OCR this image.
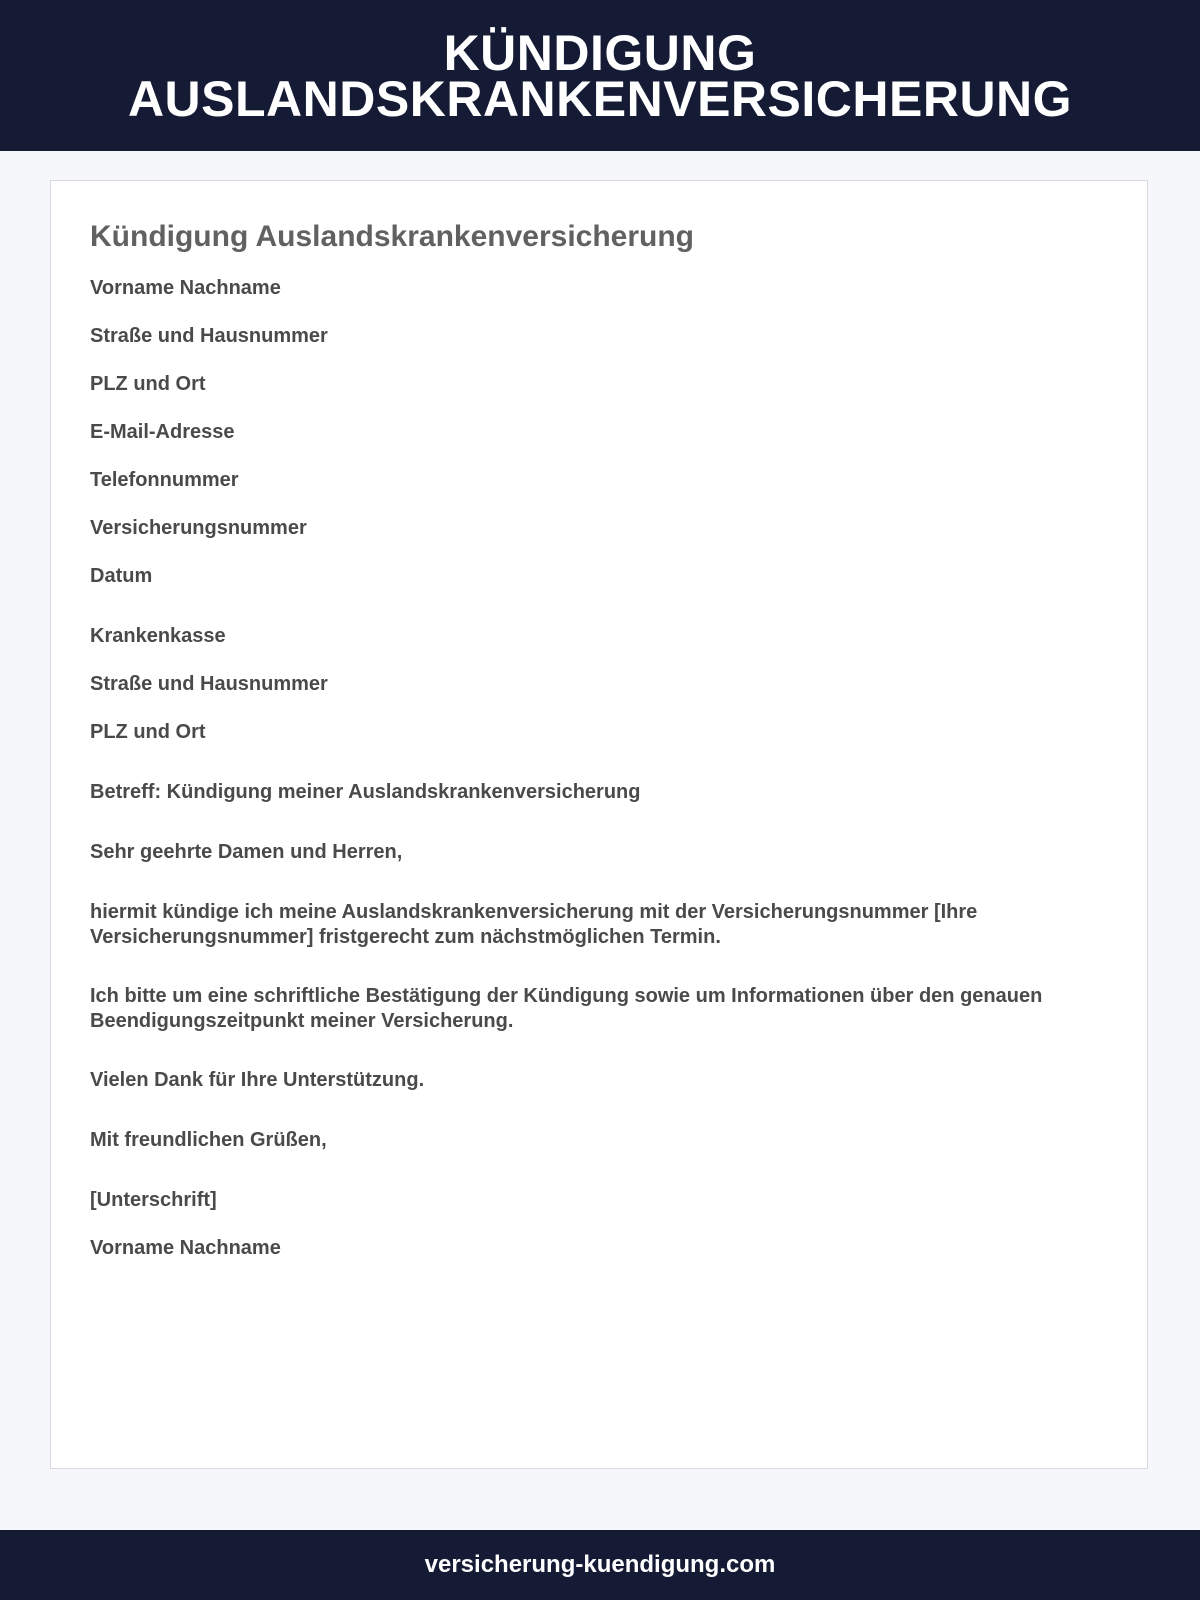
KÜNDIGUNG
AUSLANDSKRANKENVERSICHERUNG
Kündigung Auslandskrankenversicherung

Vorname Nachname

Straße und Hausnummer

PLZ und Ort

E-Mail-Adresse

Telefonnummer

Versicherungsnummer

Datum

Krankenkasse

Straße und Hausnummer

PLZ und Ort

Betreff: Kündigung meiner Auslandskrankenversicherung

Sehr geehrte Damen und Herren,

hiermit kündige ich meine Auslandskrankenversicherung mit der Versicherungsnummer [Ihre Versicherungsnummer] fristgerecht zum nächstmöglichen Termin.

Ich bitte um eine schriftliche Bestätigung der Kündigung sowie um Informationen über den genauen Beendigungszeitpunkt meiner Versicherung.

Vielen Dank für Ihre Unterstützung.

Mit freundlichen Grüßen,

[Unterschrift]

Vorname Nachname

versicherung-kuendigung.com
